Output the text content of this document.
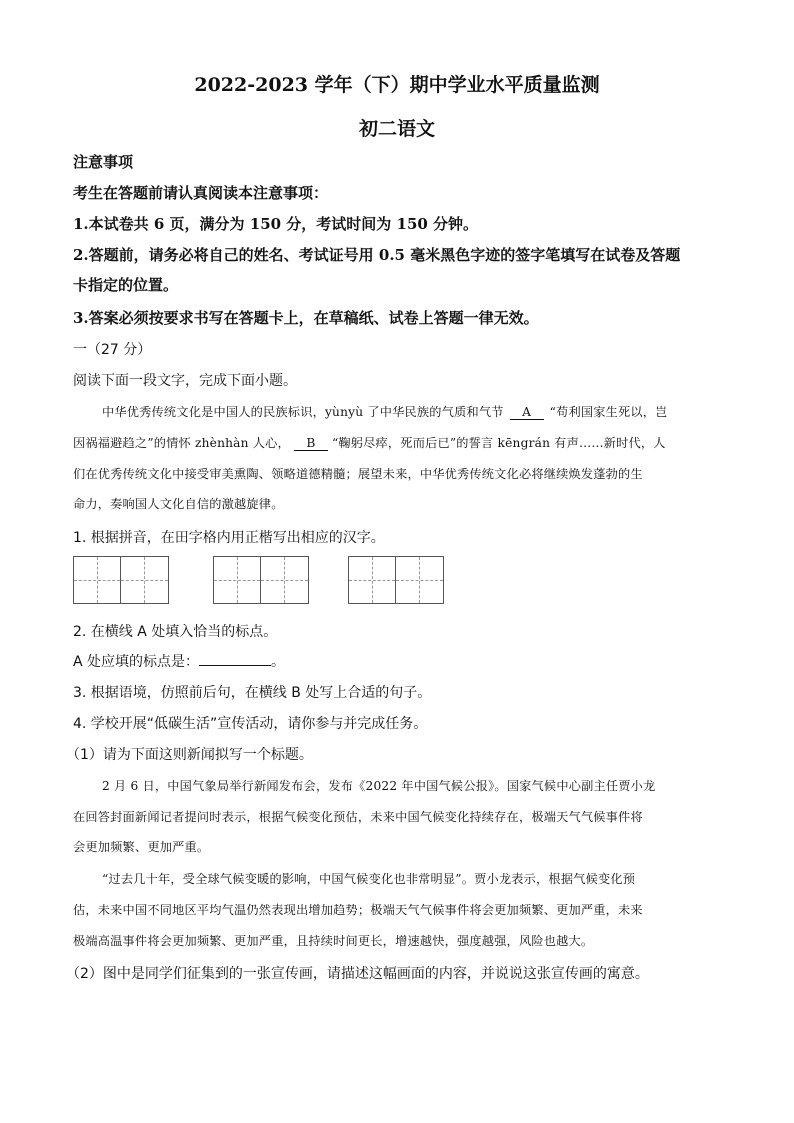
2022-2023 学年（下）期中学业水平质量监测
初二语文
注意事项
考生在答题前请认真阅读本注意事项：
1.本试卷共 6 页，满分为 150 分，考试时间为 150 分钟。
2.答题前，请务必将自己的姓名、考试证号用 0.5 毫米黑色字迹的签字笔填写在试卷及答题
卡指定的位置。
3.答案必须按要求书写在答题卡上，在草稿纸、试卷上答题一律无效。
一（27 分）
阅读下面一段文字，完成下面小题。
中华优秀传统文化是中国人的民族标识，yùnyù 了中华民族的气质和气节 A “苟利国家生死以，岂
因祸福避趋之”的情怀 zhènhàn 人心， B “鞠躬尽瘁，死而后已”的誓言 kēngrán 有声……新时代，人
们在优秀传统文化中接受审美熏陶、领略道德精髓；展望未来，中华优秀传统文化必将继续焕发蓬勃的生
命力，奏响国人文化自信的激越旋律。
1. 根据拼音，在田字格内用正楷写出相应的汉字。
2. 在横线 A 处填入恰当的标点。
A 处应填的标点是：	。
3. 根据语境，仿照前后句，在横线 B 处写上合适的句子。
4. 学校开展“低碳生活”宣传活动，请你参与并完成任务。
（1）请为下面这则新闻拟写一个标题。
2 月 6 日，中国气象局举行新闻发布会，发布《2022 年中国气候公报》。国家气候中心副主任贾小龙
在回答封面新闻记者提问时表示，根据气候变化预估，未来中国气候变化持续存在，极端天气气候事件将
会更加频繁、更加严重。
“过去几十年，受全球气候变暖的影响，中国气候变化也非常明显”。贾小龙表示，根据气候变化预
估，未来中国不同地区平均气温仍然表现出增加趋势；极端天气气候事件将会更加频繁、更加严重，未来
极端高温事件将会更加频繁、更加严重，且持续时间更长，增速越快，强度越强，风险也越大。
（2）图中是同学们征集到的一张宣传画，请描述这幅画面的内容，并说说这张宣传画的寓意。
